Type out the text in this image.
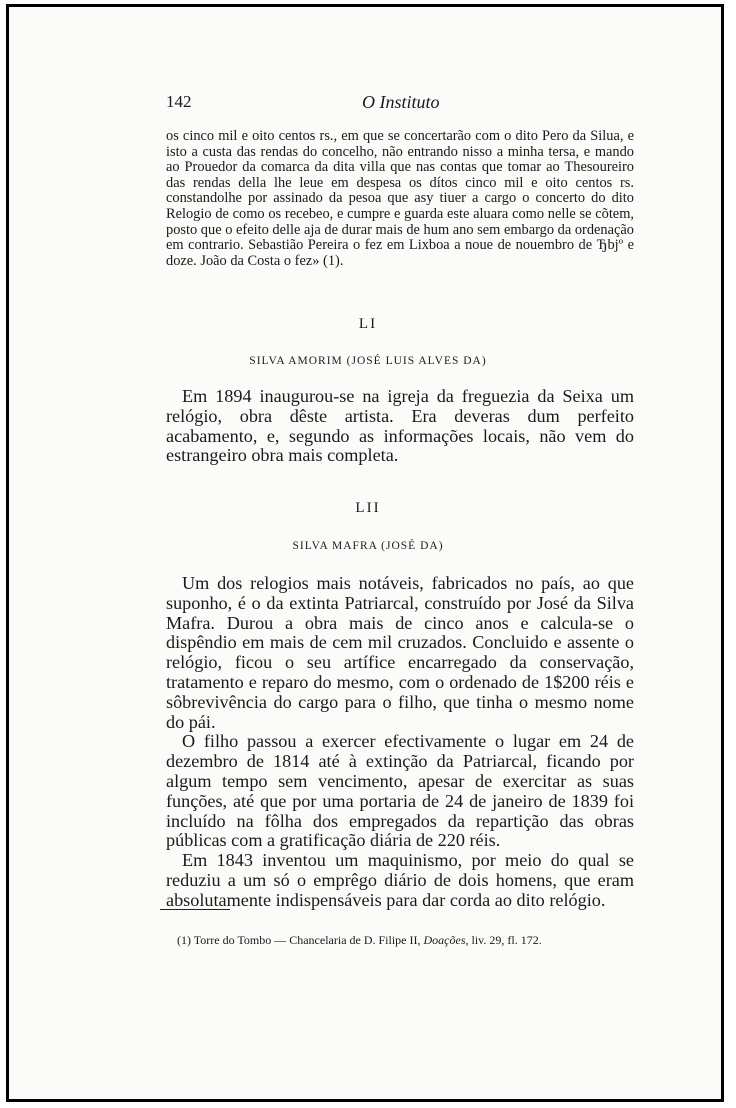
142	O Instituto
os cinco mil e oito centos rs., em que se concertarão com o dito Pero da Silua, e isto a custa das rendas do concelho, não entrando nisso a minha tersa, e mando ao Prouedor da comarca da dita villa que nas contas que tomar ao Thesoureiro das rendas della lhe leue em despesa os dítos cinco mil e oito centos rs. constandolhe por assinado da pesoa que asy tiuer a cargo o concerto do dito Relogio de como os recebeo, e cumpre e guarda este aluara como nelle se cõtem, posto que o efeito delle aja de durar mais de hum ano sem embargo da ordenação em contrario. Sebastião Pereira o fez em Lixboa a noue de nouembro de Ђbjº e doze. João da Costa o fez» (1).
LI
SILVA AMORIM (JOSÉ LUIS ALVES DA)

Em 1894 inaugurou-se na igreja da freguezia da Seixa um relógio, obra dêste artista. Era deveras dum perfeito acabamento, e, segundo as informações locais, não vem do estrangeiro obra mais completa.

LII
SILVA MAFRA (JOSÉ DA)

Um dos relogios mais notáveis, fabricados no país, ao que suponho, é o da extinta Patriarcal, construído por José da Silva Mafra. Durou a obra mais de cinco anos e calcula-se o dispêndio em mais de cem mil cruzados. Concluido e assente o relógio, ficou o seu artífice encarregado da conservação, tratamento e reparo do mesmo, com o ordenado de 1$200 réis e sôbrevivência do cargo para o filho, que tinha o mesmo nome do pái.

O filho passou a exercer efectivamente o lugar em 24 de dezembro de 1814 até à extinção da Patriarcal, ficando por algum tempo sem vencimento, apesar de exercitar as suas funções, até que por uma portaria de 24 de janeiro de 1839 foi incluído na fôlha dos empregados da repartição das obras públicas com a gratificação diária de 220 réis.

Em 1843 inventou um maquinismo, por meio do qual se reduziu a um só o emprêgo diário de dois homens, que eram absolutamente indispensáveis para dar corda ao dito relógio.

(1) Torre do Tombo — Chancelaria de D. Filipe II, Doações, liv. 29, fl. 172.
